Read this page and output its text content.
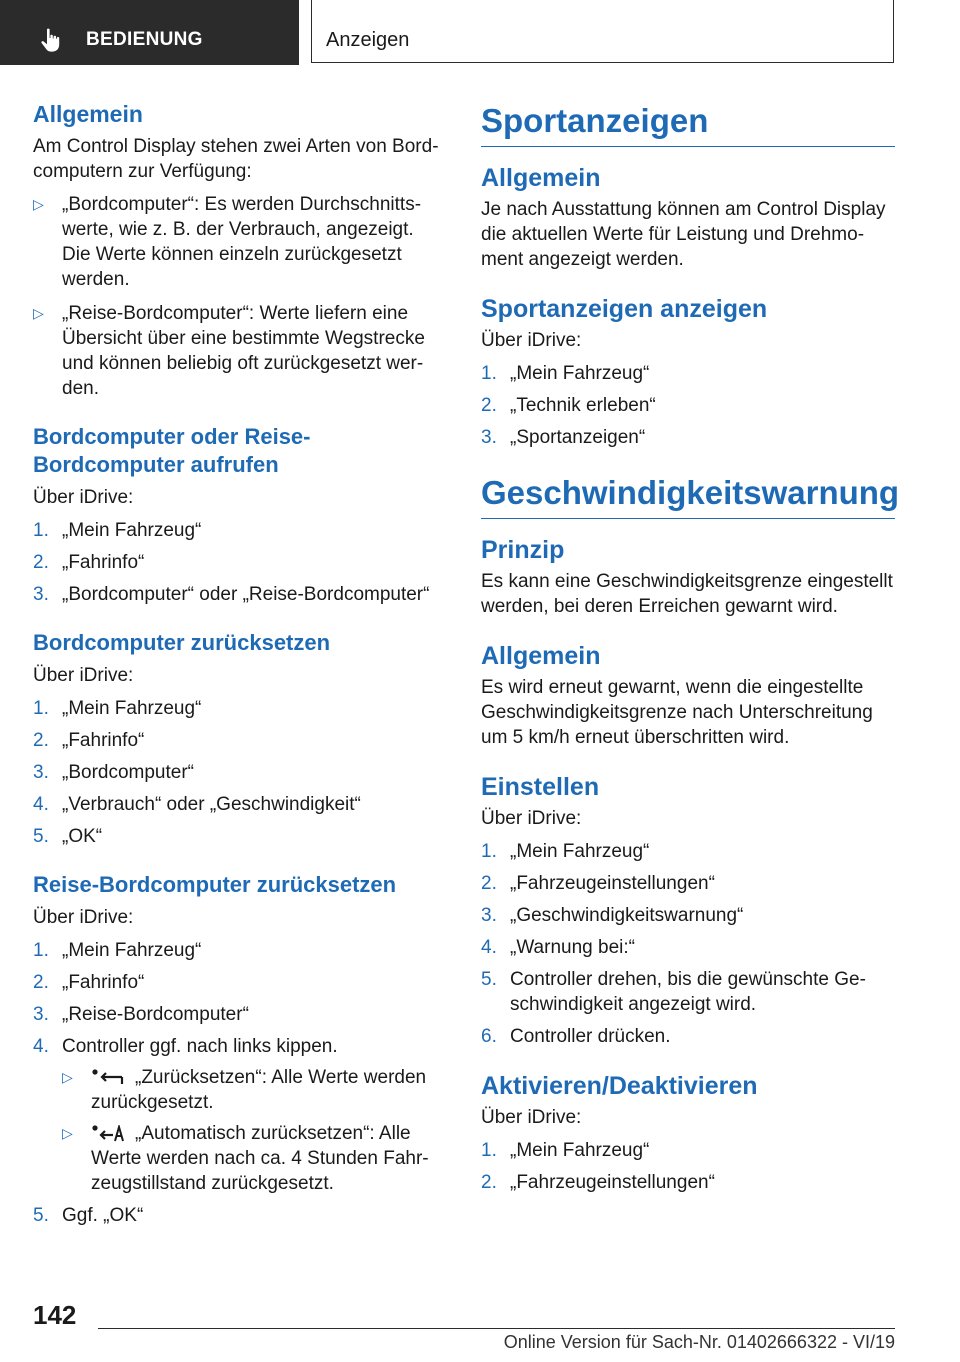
BEDIENUNG	Anzeigen
Allgemein
Am Control Display stehen zwei Arten von Bordcomputern zur Verfügung:
▷ „Bordcomputer“: Es werden Durchschnittswerte, wie z. B. der Verbrauch, angezeigt. Die Werte können einzeln zurückgesetzt werden.
▷ „Reise-Bordcomputer“: Werte liefern eine Übersicht über eine bestimmte Wegstrecke und können beliebig oft zurückgesetzt werden.
Bordcomputer oder Reise-Bordcomputer aufrufen
Über iDrive:
1. „Mein Fahrzeug“
2. „Fahrinfo“
3. „Bordcomputer“ oder „Reise-Bordcomputer“
Bordcomputer zurücksetzen
Über iDrive:
1. „Mein Fahrzeug“
2. „Fahrinfo“
3. „Bordcomputer“
4. „Verbrauch“ oder „Geschwindigkeit“
5. „OK“
Reise-Bordcomputer zurücksetzen
Über iDrive:
1. „Mein Fahrzeug“
2. „Fahrinfo“
3. „Reise-Bordcomputer“
4. Controller ggf. nach links kippen.
▷ „Zurücksetzen“: Alle Werte werden zurückgesetzt.
▷ „Automatisch zurücksetzen“: Alle Werte werden nach ca. 4 Stunden Fahrzeugstillstand zurückgesetzt.
5. Ggf. „OK“
Sportanzeigen
Allgemein
Je nach Ausstattung können am Control Display die aktuellen Werte für Leistung und Drehmoment angezeigt werden.
Sportanzeigen anzeigen
Über iDrive:
1. „Mein Fahrzeug“
2. „Technik erleben“
3. „Sportanzeigen“
Geschwindigkeitswarnung
Prinzip
Es kann eine Geschwindigkeitsgrenze eingestellt werden, bei deren Erreichen gewarnt wird.
Allgemein
Es wird erneut gewarnt, wenn die eingestellte Geschwindigkeitsgrenze nach Unterschreitung um 5 km/h erneut überschritten wird.
Einstellen
Über iDrive:
1. „Mein Fahrzeug“
2. „Fahrzeugeinstellungen“
3. „Geschwindigkeitswarnung“
4. „Warnung bei:“
5. Controller drehen, bis die gewünschte Geschwindigkeit angezeigt wird.
6. Controller drücken.
Aktivieren/Deaktivieren
Über iDrive:
1. „Mein Fahrzeug“
2. „Fahrzeugeinstellungen“
142
Online Version für Sach-Nr. 01402666322 - VI/19
